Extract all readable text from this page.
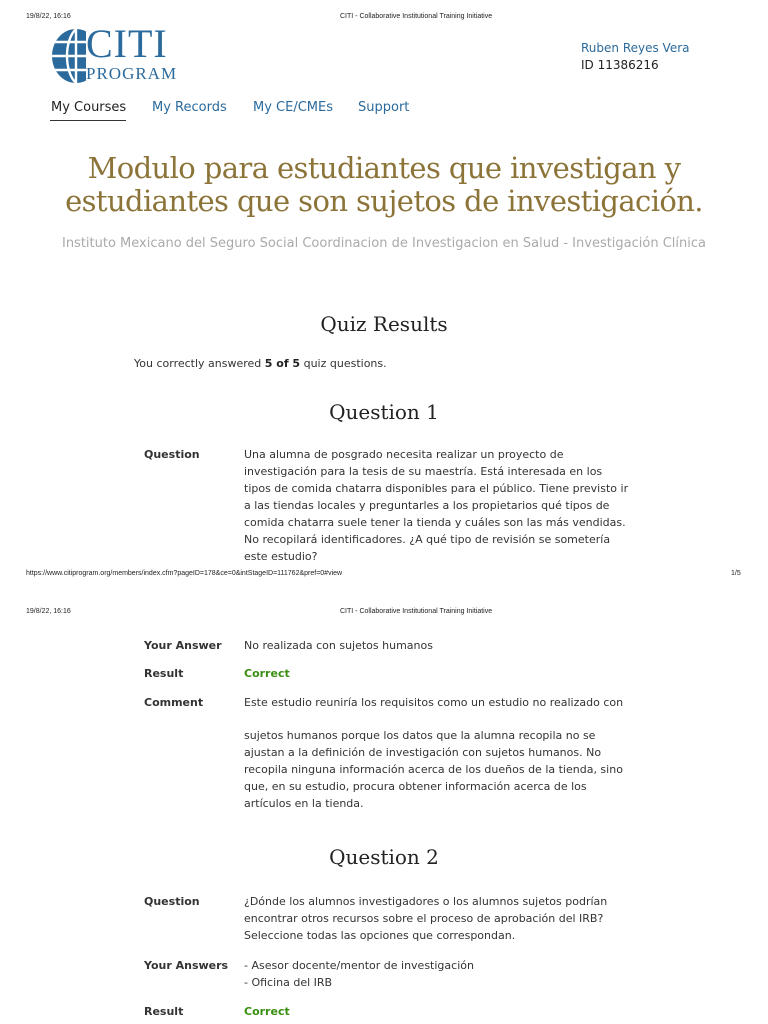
19/8/22, 16:16	CITI - Collaborative Institutional Training Initiative
CITI
PROGRAM
Ruben Reyes Vera
ID 11386216
My Courses My Records My CE/CMEs Support
Modulo para estudiantes que investigan y estudiantes que son sujetos de investigación.
Instituto Mexicano del Seguro Social Coordinacion de Investigacion en Salud - Investigación Clínica
Quiz Results
You correctly answered 5 of 5 quiz questions.
Question 1
Question	Una alumna de posgrado necesita realizar un proyecto de investigación para la tesis de su maestría. Está interesada en los tipos de comida chatarra disponibles para el público. Tiene previsto ir a las tiendas locales y preguntarles a los propietarios qué tipos de comida chatarra suele tener la tienda y cuáles son las más vendidas. No recopilará identificadores. ¿A qué tipo de revisión se sometería este estudio?
https://www.citiprogram.org/members/index.cfm?pageID=178&ce=0&intStageID=111762&pref=0#view	1/5
19/8/22, 16:16	CITI - Collaborative Institutional Training Initiative
Your Answer No realizada con sujetos humanos
Result	Correct
Comment	Este estudio reuniría los requisitos como un estudio no realizado con
sujetos humanos porque los datos que la alumna recopila no se ajustan a la definición de investigación con sujetos humanos. No recopila ninguna información acerca de los dueños de la tienda, sino que, en su estudio, procura obtener información acerca de los artículos en la tienda.
Question 2
Question	¿Dónde los alumnos investigadores o los alumnos sujetos podrían encontrar otros recursos sobre el proceso de aprobación del IRB? Seleccione todas las opciones que correspondan.
Your Answers - Asesor docente/mentor de investigación
- Oficina del IRB
Result	Correct
